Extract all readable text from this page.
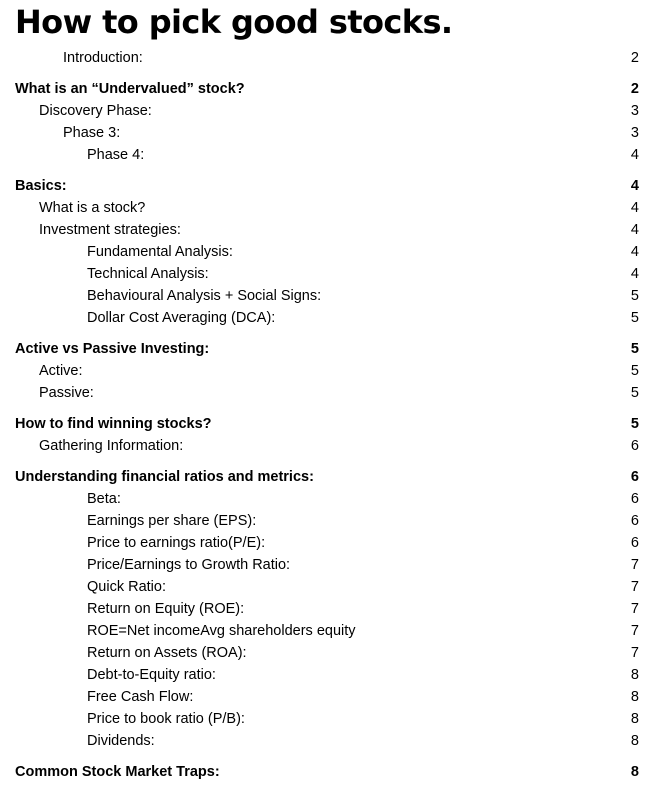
How to pick good stocks.
Introduction:	2
What is an “Undervalued” stock?	2
Discovery Phase:	3
Phase 3:	3
Phase 4:	4
Basics:	4
What is a stock?	4
Investment strategies:	4
Fundamental Analysis:	4
Technical Analysis:	4
Behavioural Analysis + Social Signs:	5
Dollar Cost Averaging (DCA):	5
Active vs Passive Investing:	5
Active:	5
Passive:	5
How to find winning stocks?	5
Gathering Information:	6
Understanding financial ratios and metrics:	6
Beta:	6
Earnings per share (EPS):	6
Price to earnings ratio(P/E):	6
Price/Earnings to Growth Ratio:	7
Quick Ratio:	7
Return on Equity (ROE):	7
ROE=Net incomeAvg shareholders equity	7
Return on Assets (ROA):	7
Debt-to-Equity ratio:	8
Free Cash Flow:	8
Price to book ratio (P/B):	8
Dividends:	8
Common Stock Market Traps:	8
